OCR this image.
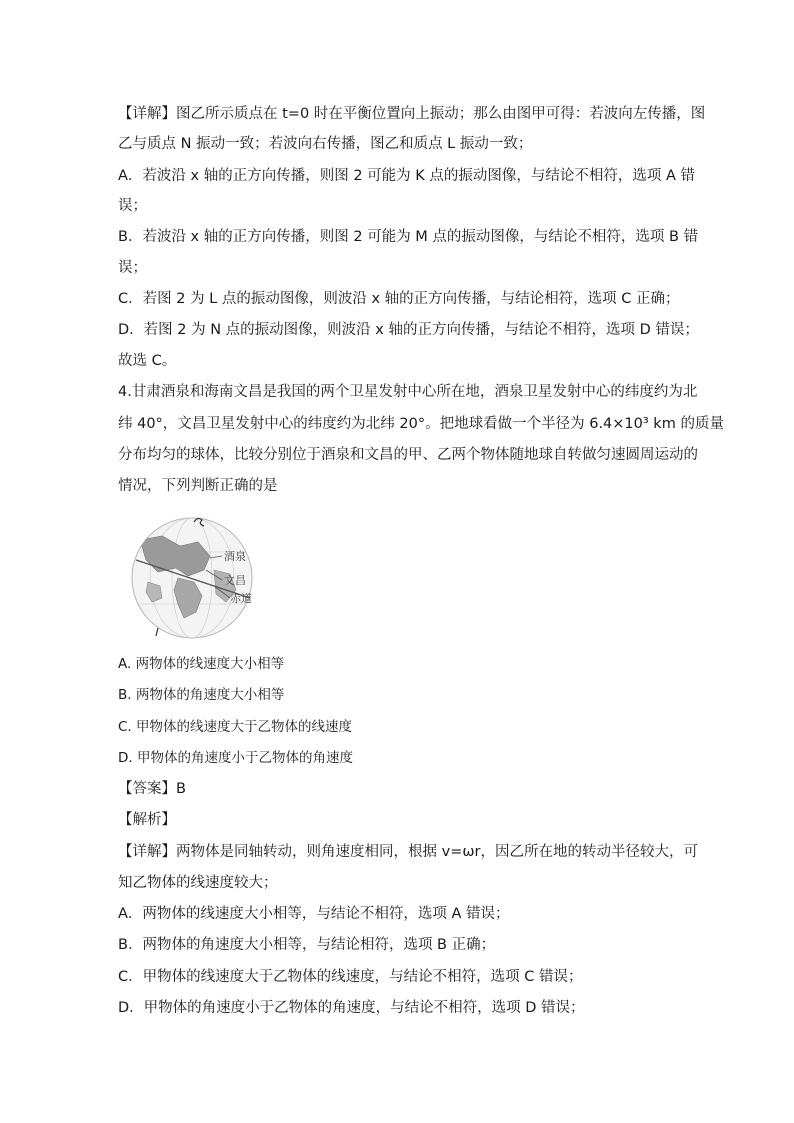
【详解】图乙所示质点在 t=0 时在平衡位置向上振动；那么由图甲可得：若波向左传播，图
乙与质点 N 振动一致；若波向右传播，图乙和质点 L 振动一致；
A．若波沿 x 轴的正方向传播，则图 2 可能为 K 点的振动图像，与结论不相符，选项 A 错
误；
B．若波沿 x 轴的正方向传播，则图 2 可能为 M 点的振动图像，与结论不相符，选项 B 错
误；
C．若图 2 为 L 点的振动图像，则波沿 x 轴的正方向传播，与结论相符，选项 C 正确；
D．若图 2 为 N 点的振动图像，则波沿 x 轴的正方向传播，与结论不相符，选项 D 错误；
故选 C。
4.甘肃酒泉和海南文昌是我国的两个卫星发射中心所在地，酒泉卫星发射中心的纬度约为北
纬 40°，文昌卫星发射中心的纬度约为北纬 20°。把地球看做一个半径为 6.4×10³ km 的质量
分布均匀的球体，比较分别位于酒泉和文昌的甲、乙两个物体随地球自转做匀速圆周运动的
情况，下列判断正确的是
酒泉
文昌
赤道
A. 两物体的线速度大小相等
B. 两物体的角速度大小相等
C. 甲物体的线速度大于乙物体的线速度
D. 甲物体的角速度小于乙物体的角速度
【答案】B
【解析】
【详解】两物体是同轴转动，则角速度相同，根据 v=ωr，因乙所在地的转动半径较大，可
知乙物体的线速度较大；
A．两物体的线速度大小相等，与结论不相符，选项 A 错误；
B．两物体的角速度大小相等，与结论相符，选项 B 正确；
C．甲物体的线速度大于乙物体的线速度，与结论不相符，选项 C 错误；
D．甲物体的角速度小于乙物体的角速度，与结论不相符，选项 D 错误；
